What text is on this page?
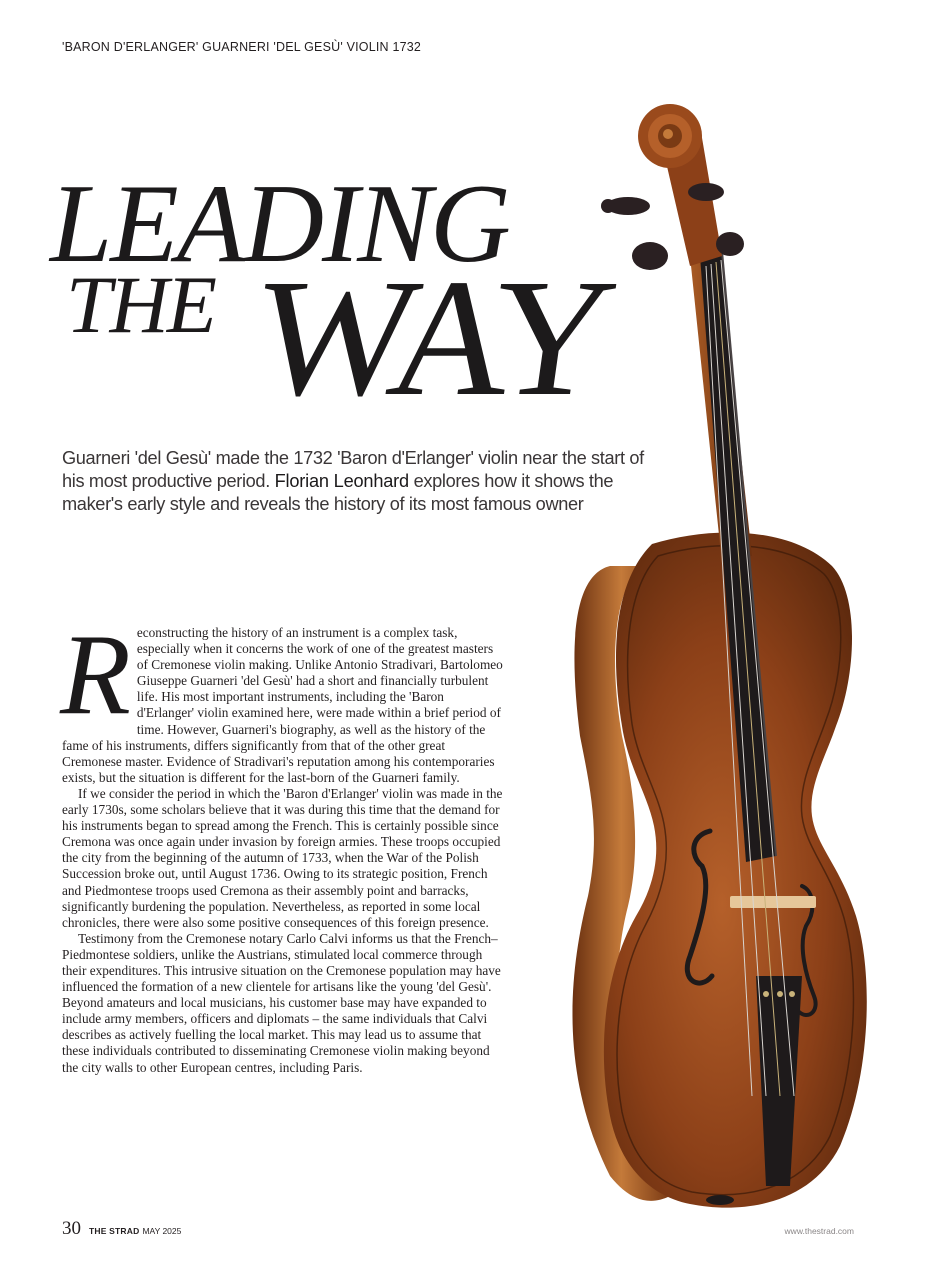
'BARON D'ERLANGER' GUARNERI 'DEL GESÙ' VIOLIN 1732
LEADING
THE WAY
Guarneri 'del Gesù' made the 1732 'Baron d'Erlanger' violin near the start of his most productive period. Florian Leonhard explores how it shows the maker's early style and reveals the history of its most famous owner

Reconstructing the history of an instrument is a complex task, especially when it concerns the work of one of the greatest masters of Cremonese violin making. Unlike Antonio Stradivari, Bartolomeo Giuseppe Guarneri 'del Gesù' had a short and financially turbulent life. His most important instruments, including the 'Baron d'Erlanger' violin examined here, were made within a brief period of time. However, Guarneri's biography, as well as the history of the fame of his instruments, differs significantly from that of the other great Cremonese master. Evidence of Stradivari's reputation among his contemporaries exists, but the situation is different for the last-born of the Guarneri family.

If we consider the period in which the 'Baron d'Erlanger' violin was made in the early 1730s, some scholars believe that it was during this time that the demand for his instruments began to spread among the French. This is certainly possible since Cremona was once again under invasion by foreign armies. These troops occupied the city from the beginning of the autumn of 1733, when the War of the Polish Succession broke out, until August 1736. Owing to its strategic position, French and Piedmontese troops used Cremona as their assembly point and barracks, significantly burdening the population. Nevertheless, as reported in some local chronicles, there were also some positive consequences of this foreign presence.

Testimony from the Cremonese notary Carlo Calvi informs us that the French–Piedmontese soldiers, unlike the Austrians, stimulated local commerce through their expenditures. This intrusive situation on the Cremonese population may have influenced the formation of a new clientele for artisans like the young 'del Gesù'. Beyond amateurs and local musicians, his customer base may have expanded to include army members, officers and diplomats – the same individuals that Calvi describes as actively fuelling the local market. This may lead us to assume that these individuals contributed to disseminating Cremonese violin making beyond the city walls to other European centres, including Paris.

30 THE STRAD MAY 2025	www.thestrad.com
